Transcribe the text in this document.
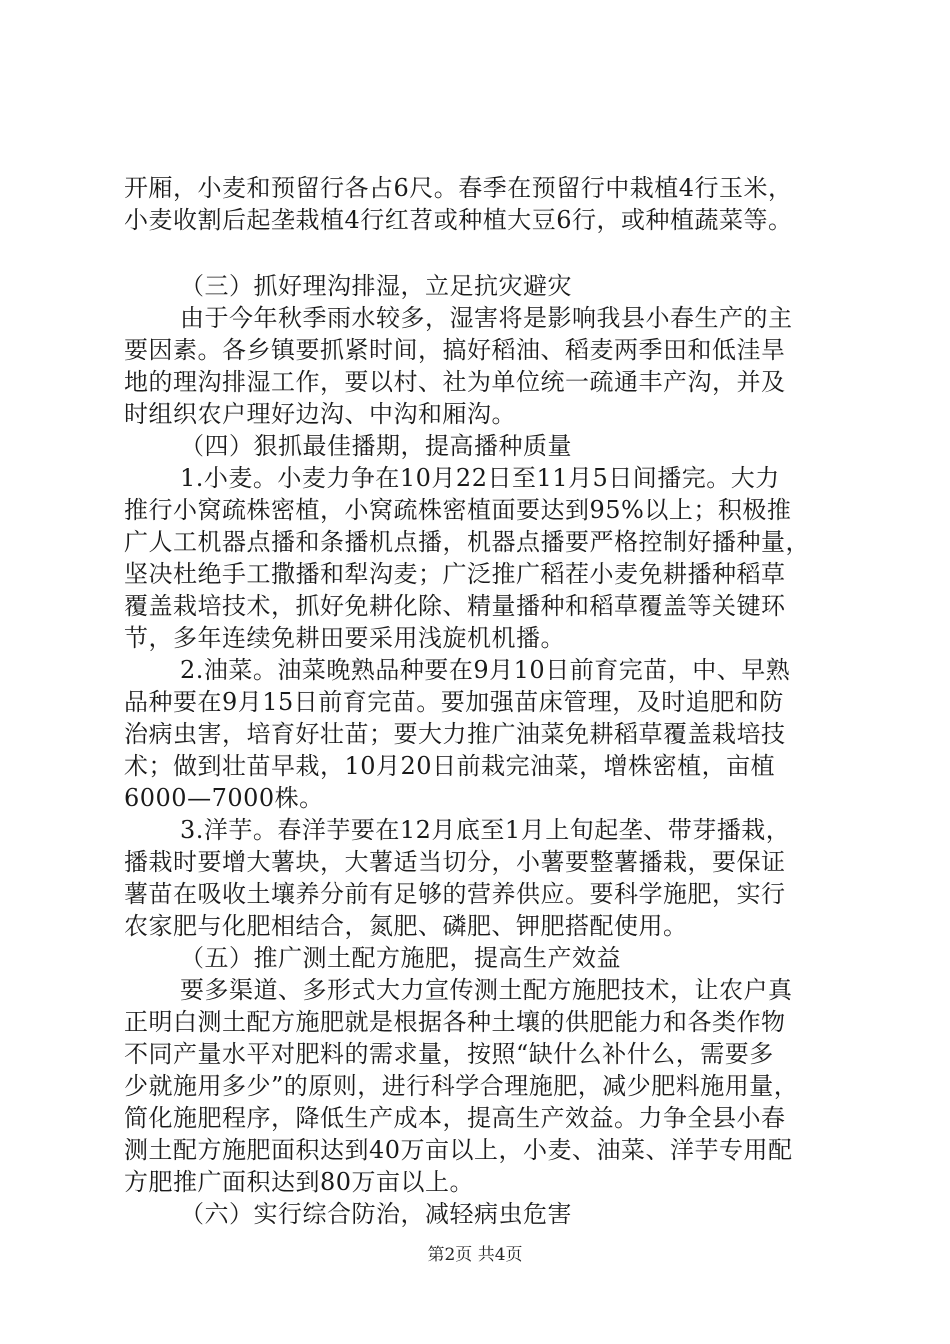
开厢，小麦和预留行各占6尺。春季在预留行中栽植4行玉米，
小麦收割后起垄栽植4行红苕或种植大豆6行，或种植蔬菜等。
（三）抓好理沟排湿，立足抗灾避灾
由于今年秋季雨水较多，湿害将是影响我县小春生产的主
要因素。各乡镇要抓紧时间，搞好稻油、稻麦两季田和低洼旱
地的理沟排湿工作，要以村、社为单位统一疏通丰产沟，并及
时组织农户理好边沟、中沟和厢沟。
（四）狠抓最佳播期，提高播种质量
1.小麦。小麦力争在10月22日至11月5日间播完。大力
推行小窝疏株密植，小窝疏株密植面要达到95%以上；积极推
广人工机器点播和条播机点播，机器点播要严格控制好播种量，
坚决杜绝手工撒播和犁沟麦；广泛推广稻茬小麦免耕播种稻草
覆盖栽培技术，抓好免耕化除、精量播种和稻草覆盖等关键环
节，多年连续免耕田要采用浅旋机机播。
2.油菜。油菜晚熟品种要在9月10日前育完苗，中、早熟
品种要在9月15日前育完苗。要加强苗床管理，及时追肥和防
治病虫害，培育好壮苗；要大力推广油菜免耕稻草覆盖栽培技
术；做到壮苗早栽，10月20日前栽完油菜，增株密植，亩植
6000—7000株。
3.洋芋。春洋芋要在12月底至1月上旬起垄、带芽播栽，
播栽时要增大薯块，大薯适当切分，小薯要整薯播栽，要保证
薯苗在吸收土壤养分前有足够的营养供应。要科学施肥，实行
农家肥与化肥相结合，氮肥、磷肥、钾肥搭配使用。
（五）推广测土配方施肥，提高生产效益
要多渠道、多形式大力宣传测土配方施肥技术，让农户真
正明白测土配方施肥就是根据各种土壤的供肥能力和各类作物
不同产量水平对肥料的需求量，按照“缺什么补什么，需要多
少就施用多少”的原则，进行科学合理施肥，减少肥料施用量，
简化施肥程序，降低生产成本，提高生产效益。力争全县小春
测土配方施肥面积达到40万亩以上，小麦、油菜、洋芋专用配
方肥推广面积达到80万亩以上。
（六）实行综合防治，减轻病虫危害
第2页 共4页
